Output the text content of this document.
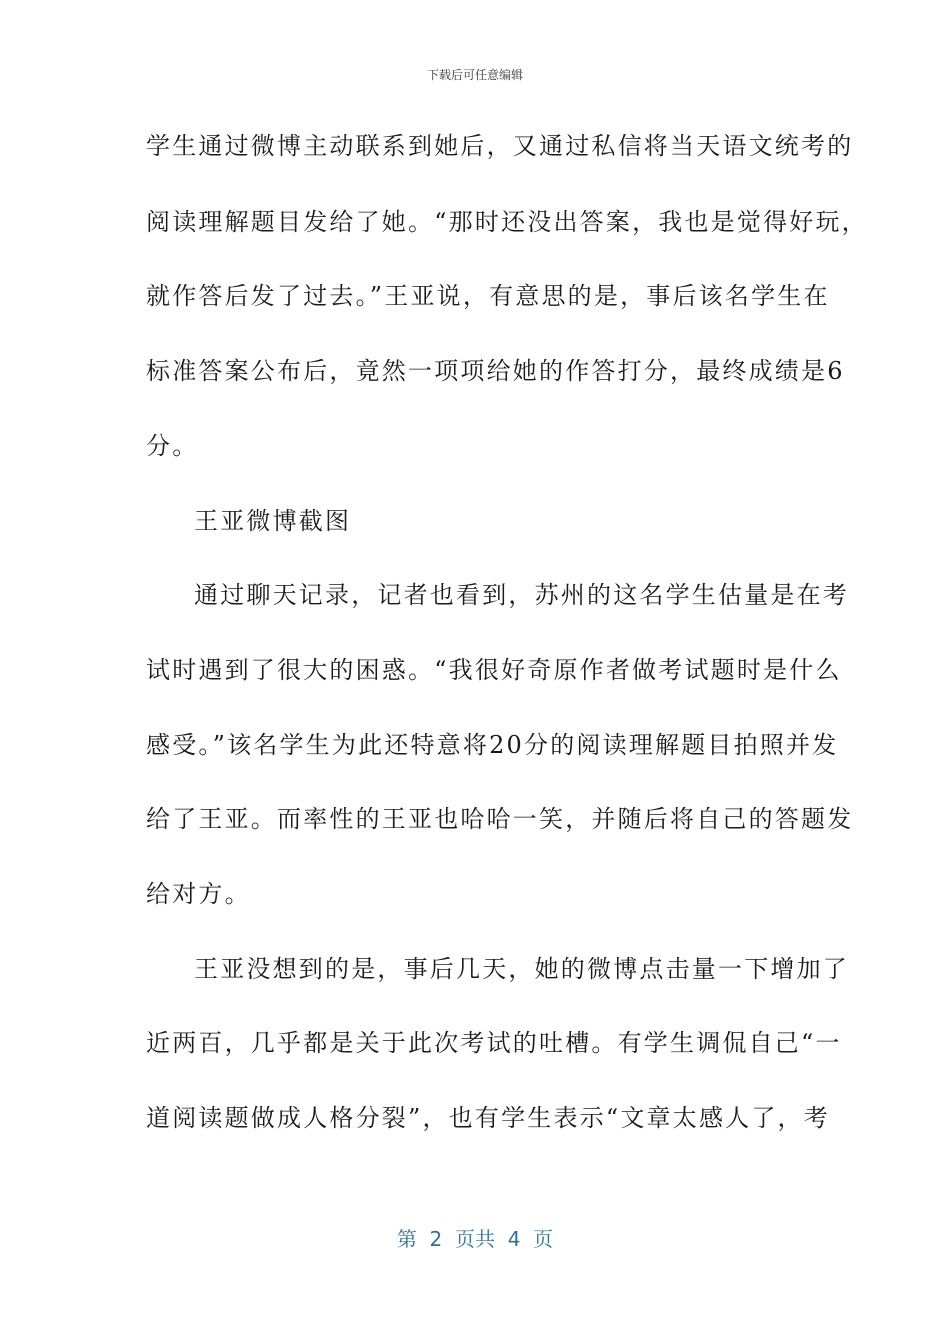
下载后可任意编辑
学生通过微博主动联系到她后，又通过私信将当天语文统考的
阅读理解题目发给了她。“那时还没出答案，我也是觉得好玩，
就作答后发了过去。”王亚说，有意思的是，事后该名学生在
标准答案公布后，竟然一项项给她的作答打分，最终成绩是6
分。
王亚微博截图
通过聊天记录，记者也看到，苏州的这名学生估量是在考
试时遇到了很大的困惑。“我很好奇原作者做考试题时是什么
感受。”该名学生为此还特意将20分的阅读理解题目拍照并发
给了王亚。而率性的王亚也哈哈一笑，并随后将自己的答题发
给对方。
王亚没想到的是，事后几天，她的微博点击量一下增加了
近两百，几乎都是关于此次考试的吐槽。有学生调侃自己“一
道阅读题做成人格分裂”，也有学生表示“文章太感人了，考
第  2  页共  4  页
